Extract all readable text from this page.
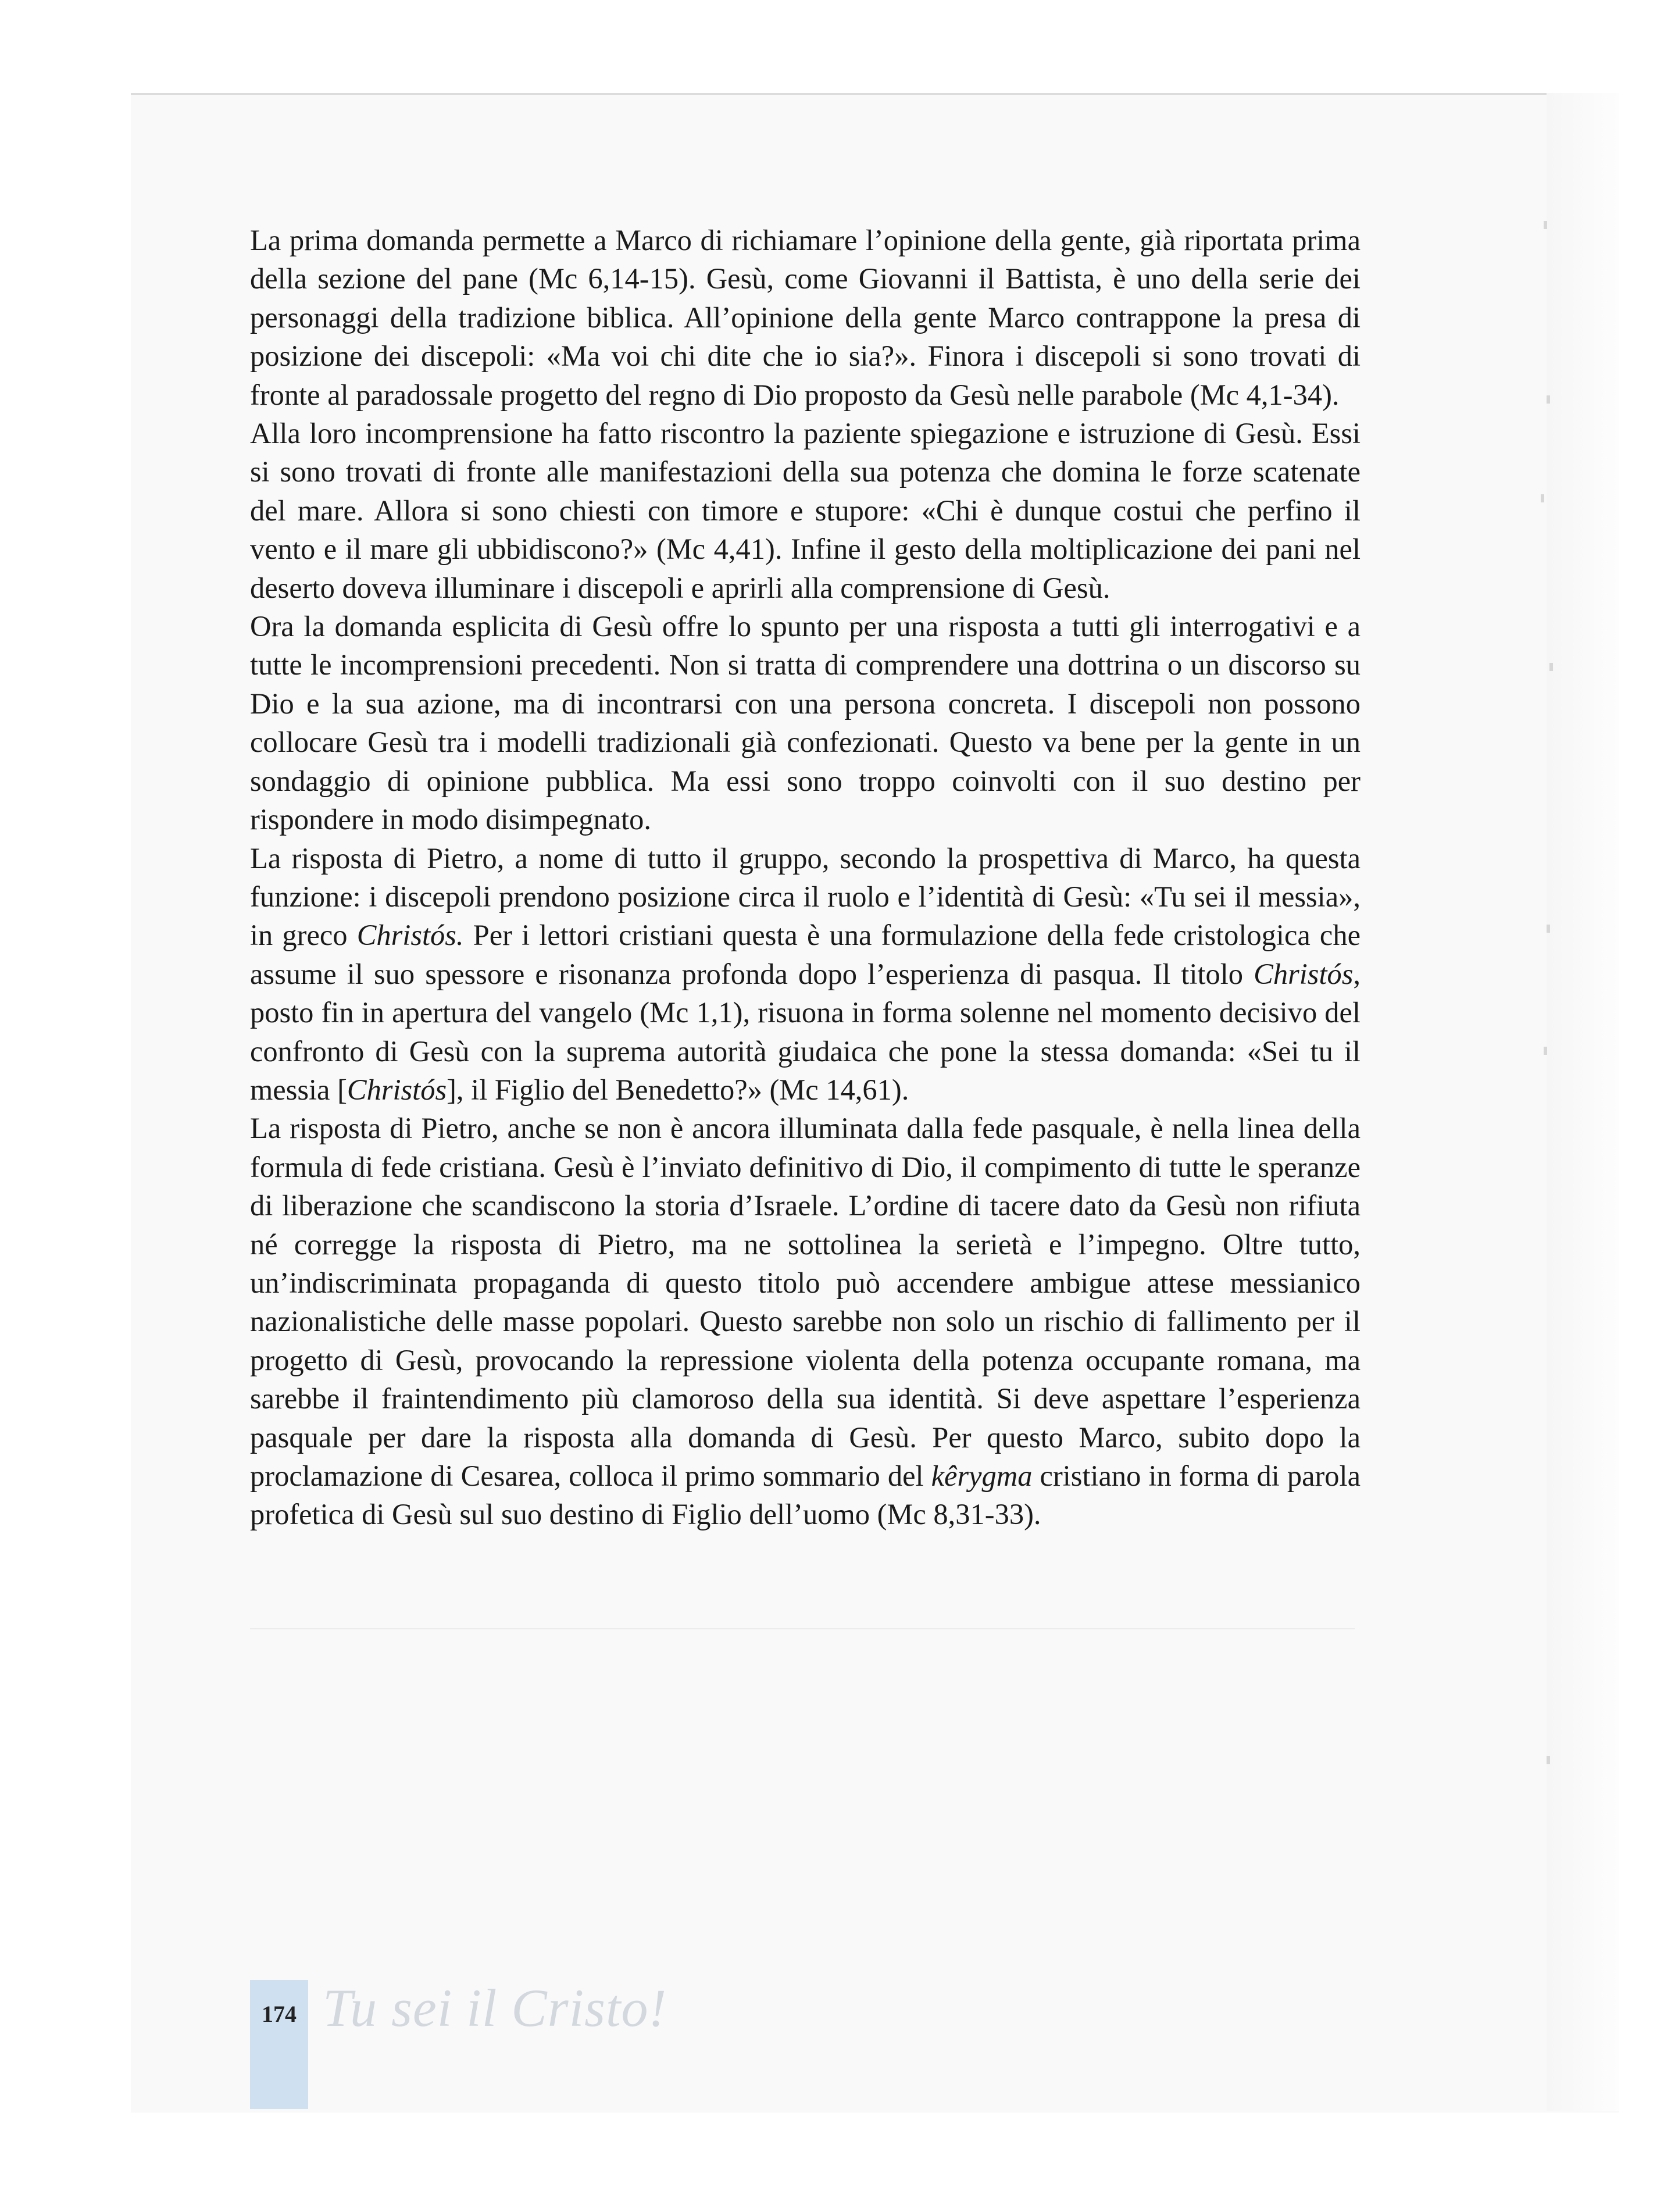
La prima domanda permette a Marco di richiamare l’opinione della gente, già riportata prima della sezione del pane (Mc 6,14-15). Gesù, come Giovanni il Battista, è uno della serie dei personaggi della tradizione biblica. All’opinione della gente Marco contrappone la presa di posizione dei discepoli: «Ma voi chi dite che io sia?». Finora i discepoli si sono trovati di fronte al paradossale progetto del regno di Dio proposto da Gesù nelle parabole (Mc 4,1-34).

Alla loro incomprensione ha fatto riscontro la paziente spiegazione e istruzione di Gesù. Essi si sono trovati di fronte alle manifestazioni della sua potenza che domina le forze scatenate del mare. Allora si sono chiesti con timore e stupore: «Chi è dunque costui che perfino il vento e il mare gli ubbidiscono?» (Mc 4,41). Infine il gesto della moltiplicazione dei pani nel deserto doveva illuminare i discepoli e aprirli alla comprensione di Gesù.

Ora la domanda esplicita di Gesù offre lo spunto per una risposta a tutti gli interrogativi e a tutte le incomprensioni precedenti. Non si tratta di comprendere una dottrina o un discorso su Dio e la sua azione, ma di incontrarsi con una persona concreta. I discepoli non possono collocare Gesù tra i modelli tradizionali già confezionati. Questo va bene per la gente in un sondaggio di opinione pubblica. Ma essi sono troppo coinvolti con il suo destino per rispondere in modo disimpegnato.

La risposta di Pietro, a nome di tutto il gruppo, secondo la prospettiva di Marco, ha questa funzione: i discepoli prendono posizione circa il ruolo e l’identità di Gesù: «Tu sei il messia», in greco Christós. Per i lettori cristiani questa è una formulazione della fede cristologica che assume il suo spessore e risonanza profonda dopo l’esperienza di pasqua. Il titolo Christós, posto fin in apertura del vangelo (Mc 1,1), risuona in forma solenne nel momento decisivo del confronto di Gesù con la suprema autorità giudaica che pone la stessa domanda: «Sei tu il messia [Christós], il Figlio del Benedetto?» (Mc 14,61).

La risposta di Pietro, anche se non è ancora illuminata dalla fede pasquale, è nella linea della formula di fede cristiana. Gesù è l’inviato definitivo di Dio, il compimento di tutte le speranze di liberazione che scandiscono la storia d’Israele. L’ordine di tacere dato da Gesù non rifiuta né corregge la risposta di Pietro, ma ne sottolinea la serietà e l’impegno. Oltre tutto, un’indiscriminata propaganda di questo titolo può accendere ambigue attese messianico nazionalistiche delle masse popolari. Questo sarebbe non solo un rischio di fallimento per il progetto di Gesù, provocando la repressione violenta della potenza occupante romana, ma sarebbe il fraintendimento più clamoroso della sua identità. Si deve aspettare l’esperienza pasquale per dare la risposta alla domanda di Gesù. Per questo Marco, subito dopo la proclamazione di Cesarea, colloca il primo sommario del kêrygma cristiano in forma di parola profetica di Gesù sul suo destino di Figlio dell’uomo (Mc 8,31-33).

174 Tu sei il Cristo!
